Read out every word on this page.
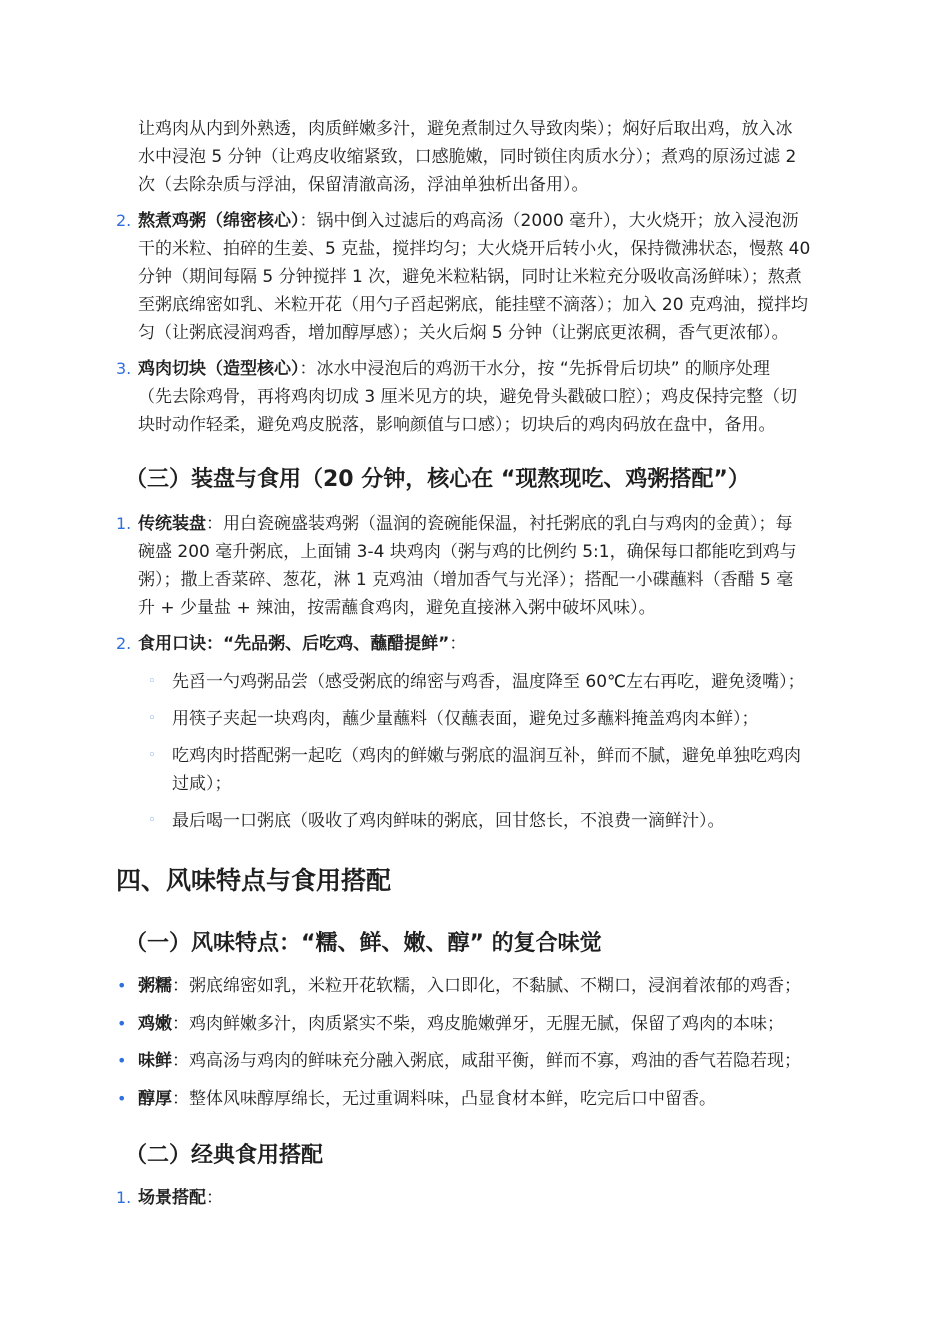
让鸡肉从内到外熟透，肉质鲜嫩多汁，避免煮制过久导致肉柴）；焖好后取出鸡，放入冰
水中浸泡 5 分钟（让鸡皮收缩紧致，口感脆嫩，同时锁住肉质水分）；煮鸡的原汤过滤 2
次（去除杂质与浮油，保留清澈高汤，浮油单独析出备用）。
2. 熬煮鸡粥（绵密核心）：锅中倒入过滤后的鸡高汤（2000 毫升），大火烧开；放入浸泡沥
干的米粒、拍碎的生姜、5 克盐，搅拌均匀；大火烧开后转小火，保持微沸状态，慢熬 40
分钟（期间每隔 5 分钟搅拌 1 次，避免米粒粘锅，同时让米粒充分吸收高汤鲜味）；熬煮
至粥底绵密如乳、米粒开花（用勺子舀起粥底，能挂壁不滴落）；加入 20 克鸡油，搅拌均
匀（让粥底浸润鸡香，增加醇厚感）；关火后焖 5 分钟（让粥底更浓稠，香气更浓郁）。
3. 鸡肉切块（造型核心）：冰水中浸泡后的鸡沥干水分，按 “先拆骨后切块” 的顺序处理
（先去除鸡骨，再将鸡肉切成 3 厘米见方的块，避免骨头戳破口腔）；鸡皮保持完整（切
块时动作轻柔，避免鸡皮脱落，影响颜值与口感）；切块后的鸡肉码放在盘中，备用。
（三）装盘与食用（20 分钟，核心在 “现熬现吃、鸡粥搭配”）
1. 传统装盘：用白瓷碗盛装鸡粥（温润的瓷碗能保温，衬托粥底的乳白与鸡肉的金黄）；每
碗盛 200 毫升粥底，上面铺 3-4 块鸡肉（粥与鸡的比例约 5:1，确保每口都能吃到鸡与
粥）；撒上香菜碎、葱花，淋 1 克鸡油（增加香气与光泽）；搭配一小碟蘸料（香醋 5 毫
升 + 少量盐 + 辣油，按需蘸食鸡肉，避免直接淋入粥中破坏风味）。
2. 食用口诀：“先品粥、后吃鸡、蘸醋提鲜”：
◦ 先舀一勺鸡粥品尝（感受粥底的绵密与鸡香，温度降至 60℃左右再吃，避免烫嘴）；
◦ 用筷子夹起一块鸡肉，蘸少量蘸料（仅蘸表面，避免过多蘸料掩盖鸡肉本鲜）；
◦ 吃鸡肉时搭配粥一起吃（鸡肉的鲜嫩与粥底的温润互补，鲜而不腻，避免单独吃鸡肉
过咸）；
◦ 最后喝一口粥底（吸收了鸡肉鲜味的粥底，回甘悠长，不浪费一滴鲜汁）。
四、风味特点与食用搭配
（一）风味特点：“糯、鲜、嫩、醇” 的复合味觉
• 粥糯：粥底绵密如乳，米粒开花软糯，入口即化，不黏腻、不糊口，浸润着浓郁的鸡香；
• 鸡嫩：鸡肉鲜嫩多汁，肉质紧实不柴，鸡皮脆嫩弹牙，无腥无腻，保留了鸡肉的本味；
• 味鲜：鸡高汤与鸡肉的鲜味充分融入粥底，咸甜平衡，鲜而不寡，鸡油的香气若隐若现；
• 醇厚：整体风味醇厚绵长，无过重调料味，凸显食材本鲜，吃完后口中留香。
（二）经典食用搭配
1. 场景搭配：
